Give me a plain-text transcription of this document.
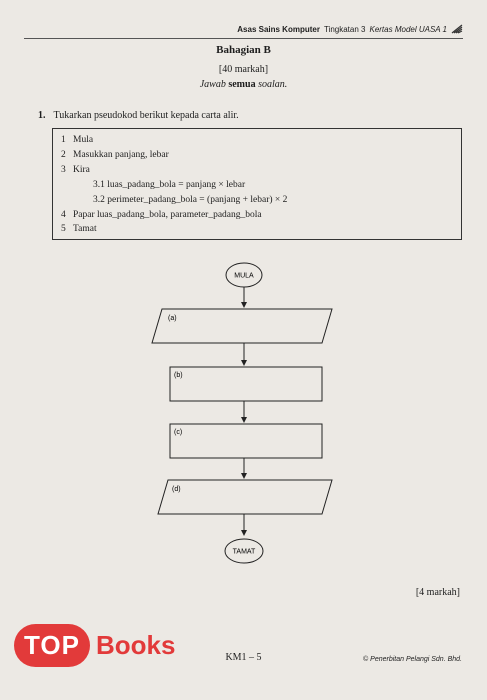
Asas Sains Komputer Tingkatan 3 Kertas Model UASA 1
Bahagian B
[40 markah]
Jawab semua soalan.
1. Tukarkan pseudokod berikut kepada carta alir.
1 Mula
2 Masukkan panjang, lebar
3 Kira
3.1 luas_padang_bola = panjang × lebar
3.2 perimeter_padang_bola = (panjang + lebar) × 2
4 Papar luas_padang_bola, parameter_padang_bola
5 Tamat
MULA
(a)
(b)
(c)
(d)
TAMAT
[4 markah]
TOP Books	KM1 – 5	© Penerbitan Pelangi Sdn. Bhd.
